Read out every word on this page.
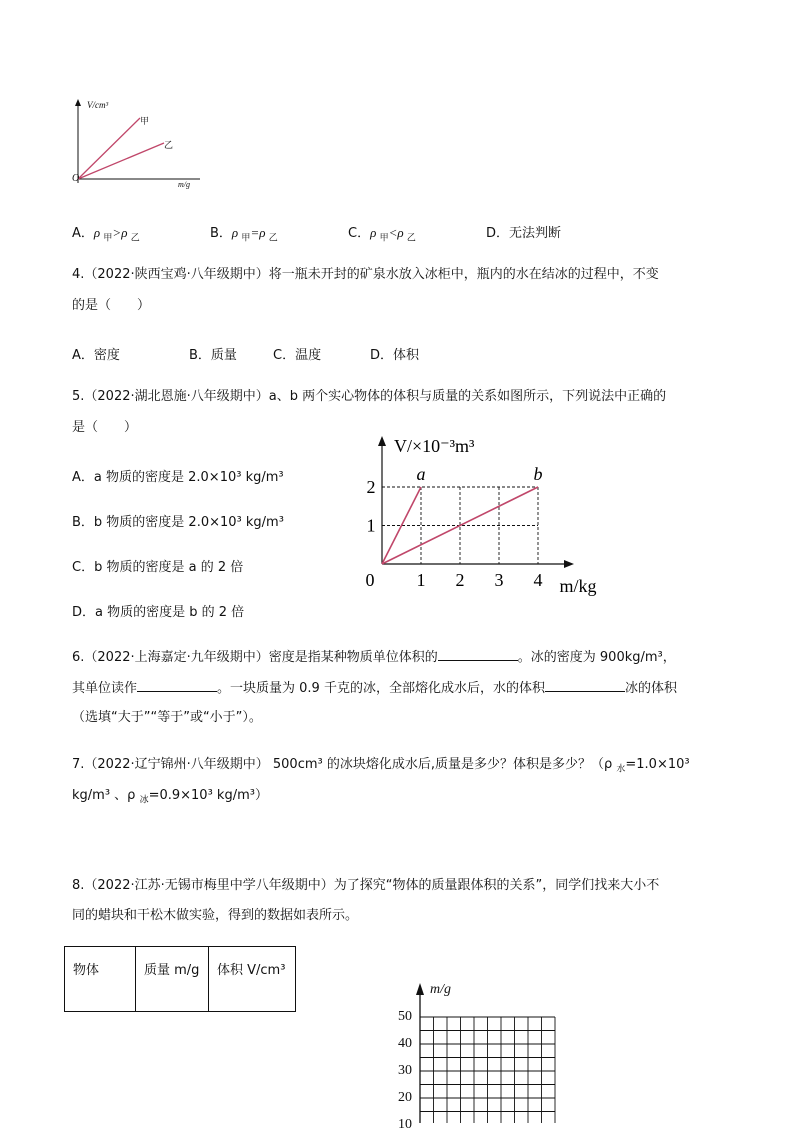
V/cm³
甲
乙
O
m/g
A．ρ $_甲$>ρ $_乙$	B．ρ $_甲$=ρ $_乙$	C．ρ $_甲$<ρ $_乙$	D．无法判断
4.（2022·陕西宝鸡·八年级期中）将一瓶未开封的矿泉水放入冰柜中，瓶内的水在结冰的过程中，不变
的是（　　）
A．密度	B．质量	C．温度	D．体积
5.（2022·湖北恩施·八年级期中）a、b 两个实心物体的体积与质量的关系如图所示，下列说法中正确的
是（　　）
A．a 物质的密度是 2.0×10³ kg/m³
B．b 物质的密度是 2.0×10³ kg/m³
C．b 物质的密度是 a 的 2 倍
D．a 物质的密度是 b 的 2 倍
a	b
0 1 2 3 4
1
2
m/kg
V/×10⁻³m³
6.（2022·上海嘉定·九年级期中）密度是指某种物质单位体积的	。冰的密度为 900kg/m³，
其单位读作	。一块质量为 0.9 千克的冰，全部熔化成水后，水的体积	冰的体积
（选填“大于”“等于”或“小于”）。
7.（2022·辽宁锦州·八年级期中） 500cm³ 的冰块熔化成水后,质量是多少？体积是多少？（ρ $_水$=1.0×10³
kg/m³ 、ρ $_冰$=0.9×10³ kg/m³）
8.（2022·江苏·无锡市梅里中学八年级期中）为了探究“物体的质量跟体积的关系”，同学们找来大小不
同的蜡块和干松木做实验，得到的数据如表所示。
物体	质量 m/g	体积 V/cm³
m/g
50
40
30
20
10
